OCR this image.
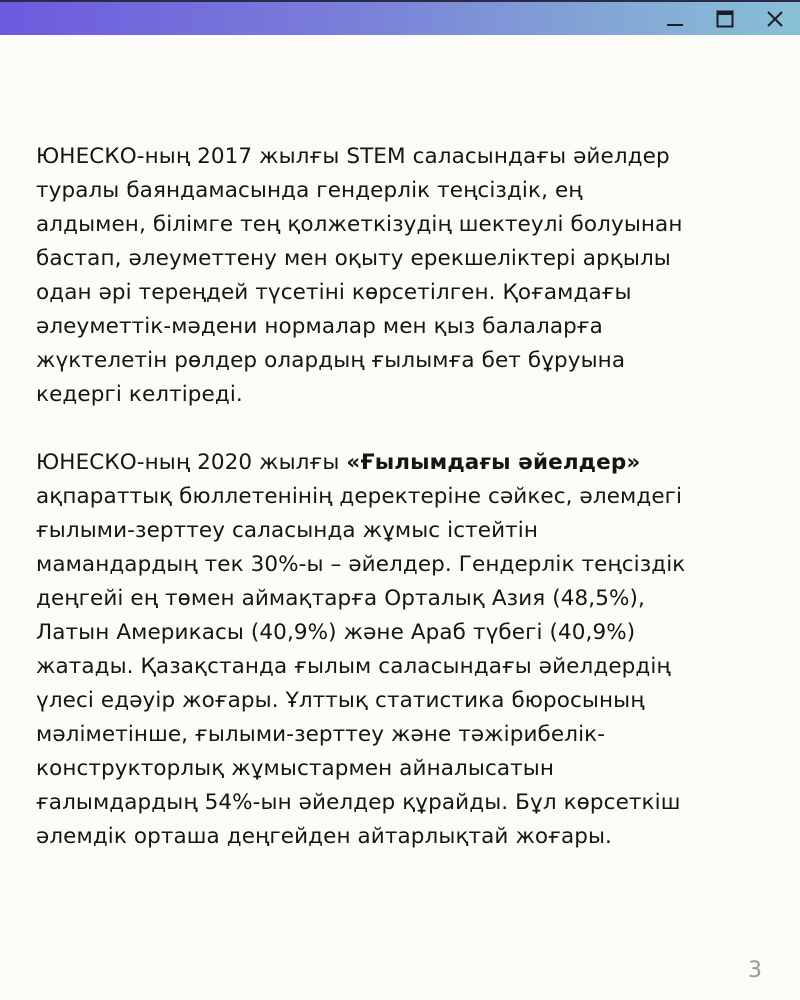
ЮНЕСКО-ның 2017 жылғы STEM саласындағы әйелдер
туралы баяндамасында гендерлік теңсіздік, ең
алдымен, білімге тең қолжеткізудің шектеулі болуынан
бастап, әлеуметтену мен оқыту ерекшеліктері арқылы
одан әрі тереңдей түсетіні көрсетілген. Қоғамдағы
әлеуметтік-мәдени нормалар мен қыз балаларға
жүктелетін рөлдер олардың ғылымға бет бұруына
кедергі келтіреді.
ЮНЕСКО-ның 2020 жылғы «Ғылымдағы әйелдер»
ақпараттық бюллетенінің деректеріне сәйкес, әлемдегі
ғылыми-зерттеу саласында жұмыс істейтін
мамандардың тек 30%-ы – әйелдер. Гендерлік теңсіздік
деңгейі ең төмен аймақтарға Орталық Азия (48,5%),
Латын Америкасы (40,9%) және Араб түбегі (40,9%)
жатады. Қазақстанда ғылым саласындағы әйелдердің
үлесі едәуір жоғары. Ұлттық статистика бюросының
мәліметінше, ғылыми-зерттеу және тәжірибелік-
конструкторлық жұмыстармен айналысатын
ғалымдардың 54%-ын әйелдер құрайды. Бұл көрсеткіш
әлемдік орташа деңгейден айтарлықтай жоғары.
3
